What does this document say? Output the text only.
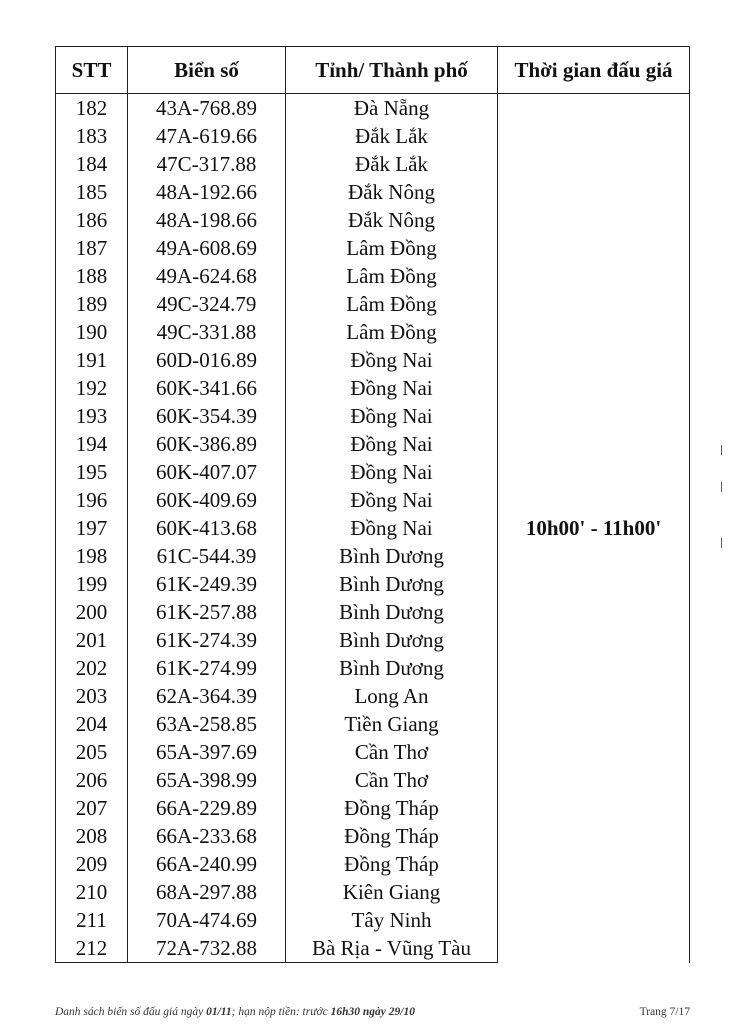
STT	Biển số	Tỉnh/ Thành phố	Thời gian đấu giá
182	43A-768.89	Đà Nẵng	10h00' - 11h00'
183	47A-619.66	Đắk Lắk	
184	47C-317.88	Đắk Lắk	
185	48A-192.66	Đắk Nông	
186	48A-198.66	Đắk Nông	
187	49A-608.69	Lâm Đồng	
188	49A-624.68	Lâm Đồng	
189	49C-324.79	Lâm Đồng	
190	49C-331.88	Lâm Đồng	
191	60D-016.89	Đồng Nai	
192	60K-341.66	Đồng Nai	
193	60K-354.39	Đồng Nai	
194	60K-386.89	Đồng Nai	
195	60K-407.07	Đồng Nai	
196	60K-409.69	Đồng Nai	
197	60K-413.68	Đồng Nai	
198	61C-544.39	Bình Dương	
199	61K-249.39	Bình Dương	
200	61K-257.88	Bình Dương	
201	61K-274.39	Bình Dương	
202	61K-274.99	Bình Dương	
203	62A-364.39	Long An	
204	63A-258.85	Tiền Giang	
205	65A-397.69	Cần Thơ	
206	65A-398.99	Cần Thơ	
207	66A-229.89	Đồng Tháp	
208	66A-233.68	Đồng Tháp	
209	66A-240.99	Đồng Tháp	
210	68A-297.88	Kiên Giang	
211	70A-474.69	Tây Ninh	
212	72A-732.88	Bà Rịa - Vũng Tàu	
Danh sách biển số đấu giá ngày 01/11; hạn nộp tiền: trước 16h30 ngày 29/10	Trang 7/17
